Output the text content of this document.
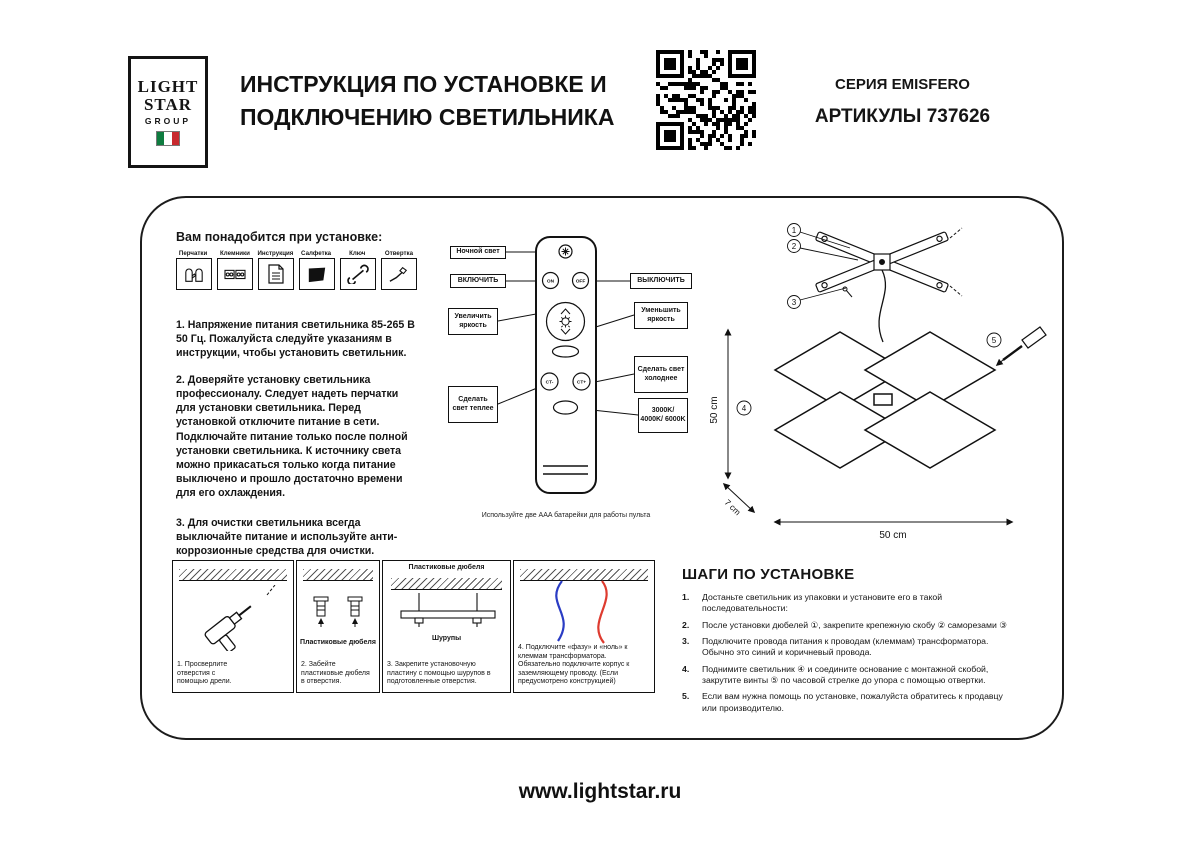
LIGHT
STAR
GROUP
ИНСТРУКЦИЯ ПО УСТАНОВКЕ И
ПОДКЛЮЧЕНИЮ СВЕТИЛЬНИКА
СЕРИЯ EMISFERO
АРТИКУЛЫ 737626
Вам понадобится при установке:
Перчатки Клемники Инструкция Салфетка	Ключ	Отвертка

1. Напряжение питания светильника 85-265 В 50 Гц. Пожалуйста следуйте указаниям в инструкции, чтобы установить светильник.

2. Доверяйте установку светильника профессионалу. Следует надеть перчатки для установки светильника. Перед установкой отключите питание в сети. Подключайте питание только после полной установки светильника. К источнику света можно прикасаться только когда питание выключено и прошло достаточно времени для его охлаждения.

3. Для очистки светильника всегда выключайте питание и используйте анти-коррозионные средства для очистки.

Ночной свет
ВКЛЮЧИТЬ
Увеличить яркость
Сделать свет теплее
ВЫКЛЮЧИТЬ
Уменьшить яркость
Сделать свет холоднее
3000K/ 4000K/ 6000K
ON	OFF
CT-	CT+
Используйте две AAA батарейки для работы пульта
1
2
3
50 cm
7 cm
50 cm
4
5
1. Просверлите отверстия с помощью дрели.
Пластиковые дюбеля
2. Забейте пластиковые дюбеля в отверстия.
Пластиковые дюбеля
Шурупы
3. Закрепите установочную пластину с помощью шурупов в подготовленные отверстия.
4. Подключите «фазу» и «ноль» к клеммам трансформатора. Обязательно подключите корпус к заземляющему проводу. (Если предусмотрено конструкцией)
ШАГИ ПО УСТАНОВКЕ
1.	Достаньте светильник из упаковки и установите его в такой последовательности:
2.	После установки дюбелей ①, закрепите крепежную скобу ② саморезами ③
3.	Подключите провода питания к проводам (клеммам) трансформатора. Обычно это синий и коричневый провода.
4.	Поднимите светильник ④ и соедините основание с монтажной скобой, закрутите винты ⑤ по часовой стрелке до упора с помощью отвертки.
5.	Если вам нужна помощь по установке, пожалуйста обратитесь к продавцу или производителю.
www.lightstar.ru
